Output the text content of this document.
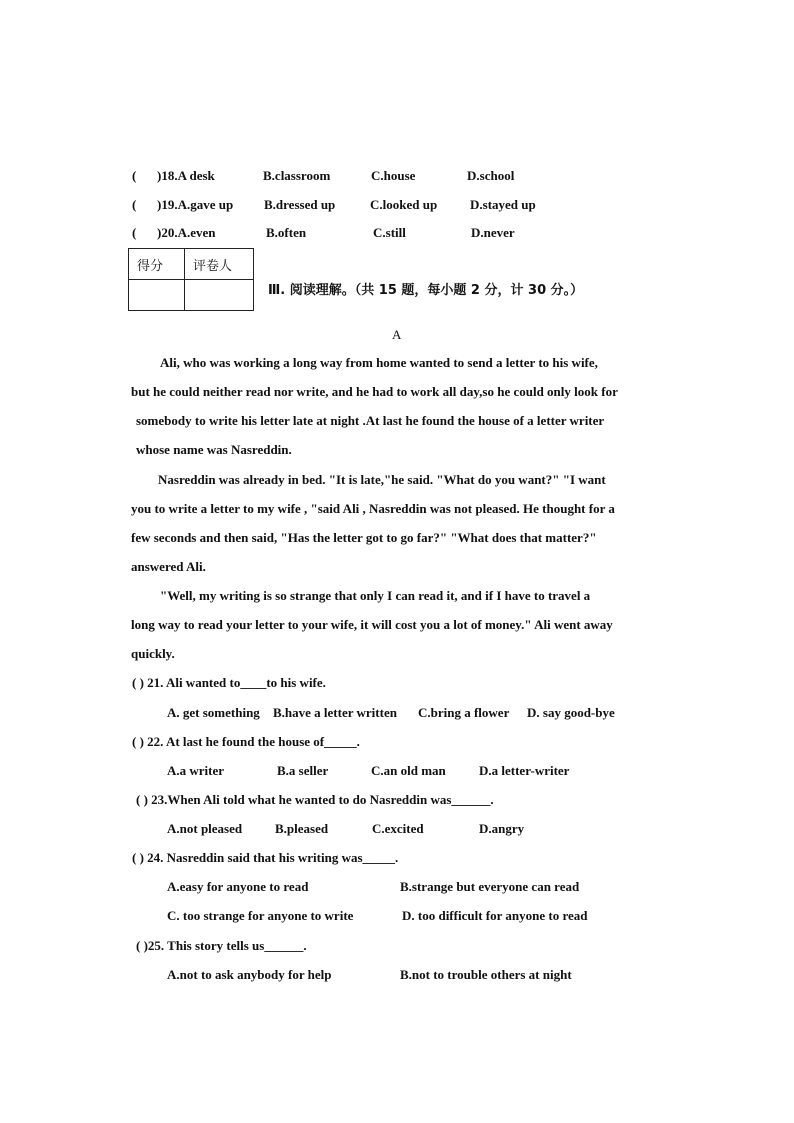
( )18.A desk	B.classroom	C.house	D.school
( )19.A.gave up B.dressed up	C.looked up	D.stayed up
( )20.A.even	B.often	C.still	D.never
得分	评卷人

Ⅲ. 阅读理解。（共 15 题，每小题 2 分，计 30 分。）
A
Ali, who was working a long way from home wanted to send a letter to his wife,
but he could neither read nor write, and he had to work all day,so he could only look for
somebody to write his letter late at night .At last he found the house of a letter writer
whose name was Nasreddin.
Nasreddin was already in bed. "It is late,"he said. "What do you want?" "I want
you to write a letter to my wife , "said Ali , Nasreddin was not pleased. He thought for a
few seconds and then said, "Has the letter got to go far?" "What does that matter?"
answered Ali.
"Well, my writing is so strange that only I can read it, and if I have to travel a
long way to read your letter to your wife, it will cost you a lot of money." Ali went away
quickly.
( ) 21. Ali wanted to____to his wife.
A. get something B.have a letter written C.bring a flower D. say good-bye
( ) 22. At last he found the house of_____.
A.a writer	B.a seller	C.an old man	D.a letter-writer
( ) 23.When Ali told what he wanted to do Nasreddin was______.
A.not pleased	B.pleased	C.excited	D.angry
( ) 24. Nasreddin said that his writing was_____.
A.easy for anyone to read	B.strange but everyone can read
C. too strange for anyone to write	D. too difficult for anyone to read
( )25. This story tells us______.
A.not to ask anybody for help	B.not to trouble others at night
